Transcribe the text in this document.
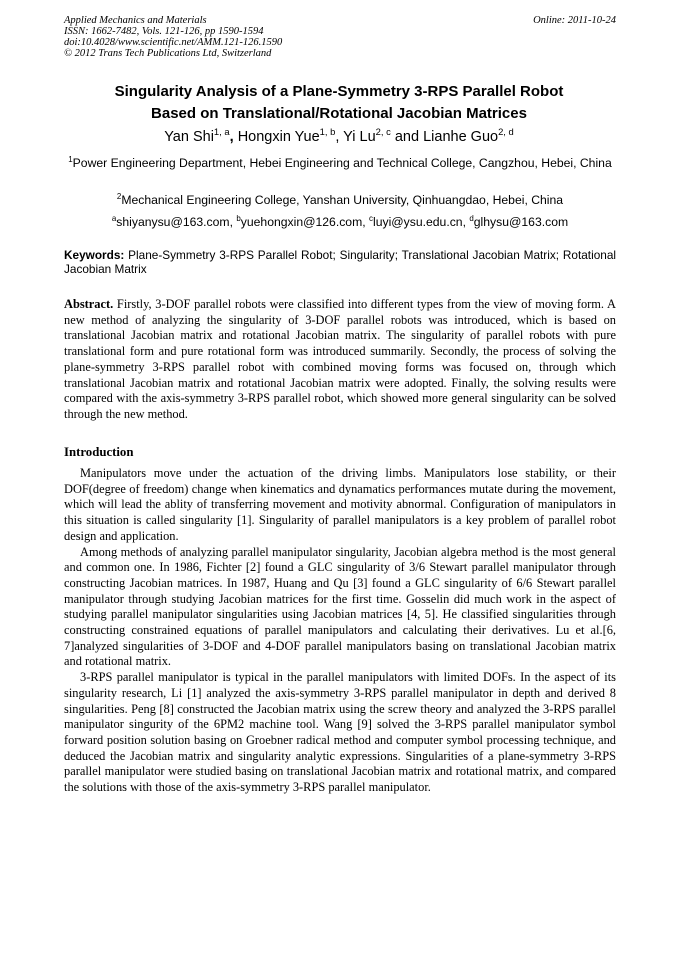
Applied Mechanics and Materials
ISSN: 1662-7482, Vols. 121-126, pp 1590-1594
doi:10.4028/www.scientific.net/AMM.121-126.1590
© 2012 Trans Tech Publications Ltd, Switzerland
Online: 2011-10-24
Singularity Analysis of a Plane-Symmetry 3-RPS Parallel Robot
Based on Translational/Rotational Jacobian Matrices
Yan Shi$^{1, a}$, Hongxin Yue$^{1, b}$, Yi Lu$^{2, c}$ and Lianhe Guo$^{2, d}$
$^1$Power Engineering Department, Hebei Engineering and Technical College, Cangzhou, Hebei, China
$^2$Mechanical Engineering College, Yanshan University, Qinhuangdao, Hebei, China
$^a$shiyanysu@163.com, $^b$yuehongxin@126.com, $^c$luyi@ysu.edu.cn, $^d$glhysu@163.com
Keywords: Plane-Symmetry 3-RPS Parallel Robot; Singularity; Translational Jacobian Matrix; Rotational Jacobian Matrix
Abstract. Firstly, 3-DOF parallel robots were classified into different types from the view of moving form. A new method of analyzing the singularity of 3-DOF parallel robots was introduced, which is based on translational Jacobian matrix and rotational Jacobian matrix. The singularity of parallel robots with pure translational form and pure rotational form was introduced summarily. Secondly, the process of solving the plane-symmetry 3-RPS parallel robot with combined moving forms was focused on, through which translational Jacobian matrix and rotational Jacobian matrix were adopted. Finally, the solving results were compared with the axis-symmetry 3-RPS parallel robot, which showed more general singularity can be solved through the new method.
Introduction

Manipulators move under the actuation of the driving limbs. Manipulators lose stability, or their DOF(degree of freedom) change when kinematics and dynamatics performances mutate during the movement, which will lead the ablity of transferring movement and motivity abnormal. Configuration of manipulators in this situation is called singularity [1]. Singularity of parallel manipulators is a key problem of parallel robot design and application.

Among methods of analyzing parallel manipulator singularity, Jacobian algebra method is the most general and common one. In 1986, Fichter [2] found a GLC singularity of 3/6 Stewart parallel manipulator through constructing Jacobian matrices. In 1987, Huang and Qu [3] found a GLC singularity of 6/6 Stewart parallel manipulator through studying Jacobian matrices for the first time. Gosselin did much work in the aspect of studying parallel manipulator singularities using Jacobian matrices [4, 5]. He classified singularities through constructing constrained equations of parallel manipulators and calculating their derivatives. Lu et al.[6, 7]analyzed singularities of 3-DOF and 4-DOF parallel manipulators basing on translational Jacobian matrix and rotational matrix.

3-RPS parallel manipulator is typical in the parallel manipulators with limited DOFs. In the aspect of its singularity research, Li [1] analyzed the axis-symmetry 3-RPS parallel manipulator in depth and derived 8 singularities. Peng [8] constructed the Jacobian matrix using the screw theory and analyzed the 3-RPS parallel manipulator singurity of the 6PM2 machine tool. Wang [9] solved the 3-RPS parallel manipulator symbol forward position solution basing on Groebner radical method and computer symbol processing technique, and deduced the Jacobian matrix and singularity analytic expressions. Singularities of a plane-symmetry 3-RPS parallel manipulator were studied basing on translational Jacobian matrix and rotational matrix, and compared the solutions with those of the axis-symmetry 3-RPS parallel manipulator.
